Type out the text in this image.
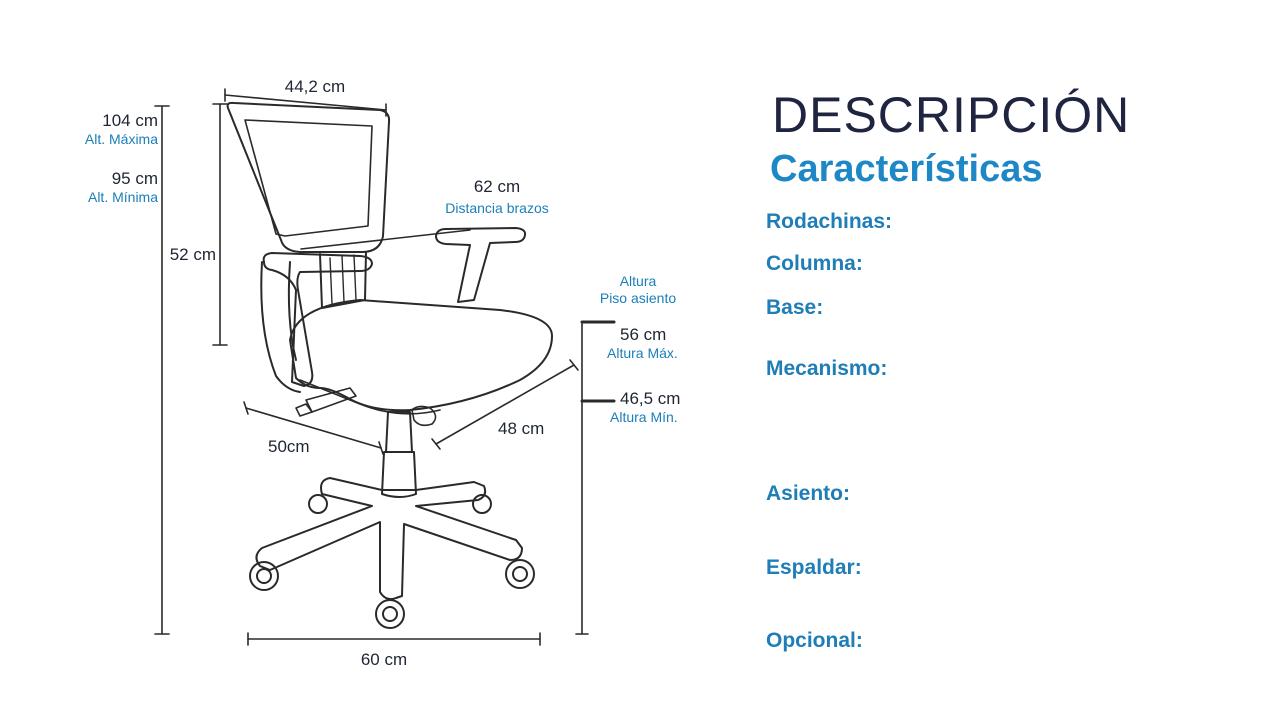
44,2 cm
104 cm
Alt. Máxima
95 cm
Alt. Mínima
52 cm
62 cm
Distancia brazos
Altura
Piso asiento
56 cm
Altura Máx.
46,5 cm
Altura Mín.
50cm
48 cm
60 cm
DESCRIPCIÓN
Características
Rodachinas:
Columna:
Base:
Mecanismo:
Asiento:
Espaldar:
Opcional:
